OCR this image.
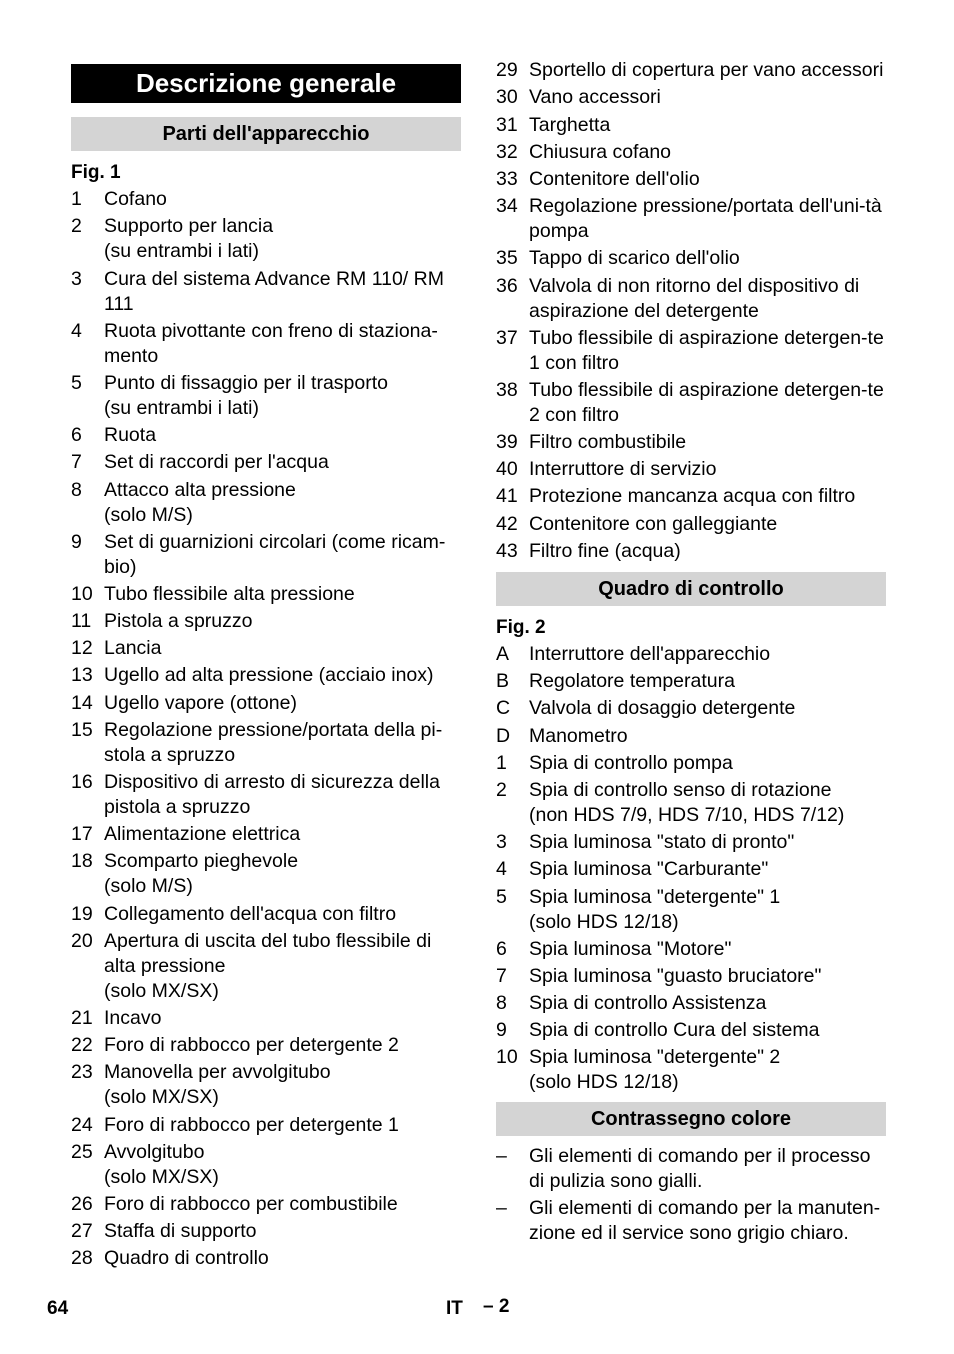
Descrizione generale
Parti dell'apparecchio
Fig. 1
1	Cofano
2	Supporto per lancia
(su entrambi i lati)
3	Cura del sistema Advance RM 110/ RM 111
4	Ruota pivottante con freno di staziona-mento
5	Punto di fissaggio per il trasporto
(su entrambi i lati)
6	Ruota
7	Set di raccordi per l'acqua
8	Attacco alta pressione
(solo M/S)
9	Set di guarnizioni circolari (come ricam-bio)
10 Tubo flessibile alta pressione
11 Pistola a spruzzo
12 Lancia
13 Ugello ad alta pressione (acciaio inox)
14 Ugello vapore (ottone)
15 Regolazione pressione/portata della pi-stola a spruzzo
16 Dispositivo di arresto di sicurezza della pistola a spruzzo
17 Alimentazione elettrica
18 Scomparto pieghevole
(solo M/S)
19 Collegamento dell'acqua con filtro
20 Apertura di uscita del tubo flessibile di alta pressione
(solo MX/SX)
21 Incavo
22 Foro di rabbocco per detergente 2
23 Manovella per avvolgitubo
(solo MX/SX)
24 Foro di rabbocco per detergente 1
25 Avvolgitubo
(solo MX/SX)
26 Foro di rabbocco per combustibile
27 Staffa di supporto
28 Quadro di controllo
29 Sportello di copertura per vano accessori
30 Vano accessori
31 Targhetta
32 Chiusura cofano
33 Contenitore dell'olio
34 Regolazione pressione/portata dell'uni-tà pompa
35 Tappo di scarico dell'olio
36 Valvola di non ritorno del dispositivo di aspirazione del detergente
37 Tubo flessibile di aspirazione detergen-te 1 con filtro
38 Tubo flessibile di aspirazione detergen-te 2 con filtro
39 Filtro combustibile
40 Interruttore di servizio
41 Protezione mancanza acqua con filtro
42 Contenitore con galleggiante
43 Filtro fine (acqua)
Quadro di controllo
Fig. 2
A	Interruttore dell'apparecchio
B	Regolatore temperatura
C Valvola di dosaggio detergente
D Manometro
1	Spia di controllo pompa
2	Spia di controllo senso di rotazione
(non HDS 7/9, HDS 7/10, HDS 7/12)
3	Spia luminosa "stato di pronto"
4	Spia luminosa "Carburante"
5	Spia luminosa "detergente" 1
(solo HDS 12/18)
6	Spia luminosa "Motore"
7	Spia luminosa "guasto bruciatore"
8	Spia di controllo Assistenza
9	Spia di controllo Cura del sistema
10 Spia luminosa "detergente" 2
(solo HDS 12/18)
Contrassegno colore
–	Gli elementi di comando per il processo di pulizia sono gialli.
–	Gli elementi di comando per la manuten-zione ed il service sono grigio chiaro.
64	IT – 2
